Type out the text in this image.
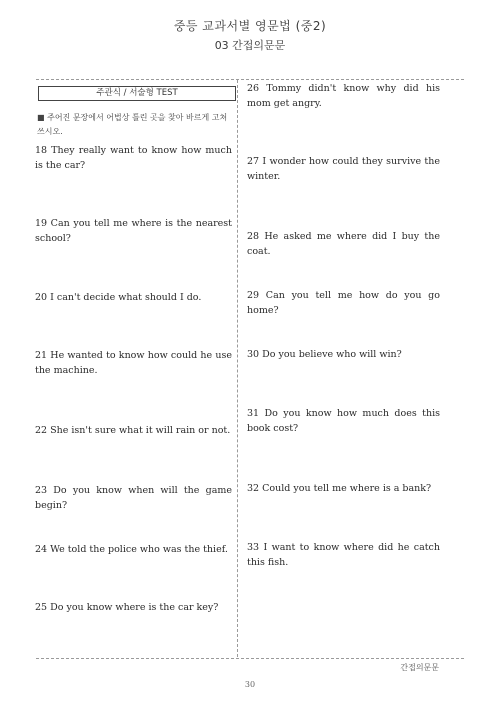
중등 교과서별 영문법 (중2)
03 간접의문문
주관식 / 서술형 TEST
■ 주어진 문장에서 어법상 틀린 곳을 찾아 바르게 고쳐 쓰시오.
18 They really want to know how much is the car?
19 Can you tell me where is the nearest school?
20 I can't decide what should I do.
21 He wanted to know how could he use the machine.
22 She isn't sure what it will rain or not.
23 Do you know when will the game begin?
24 We told the police who was the thief.
25 Do you know where is the car key?
26 Tommy didn't know why did his mom get angry.
27 I wonder how could they survive the winter.
28 He asked me where did I buy the coat.
29 Can you tell me how do you go home?
30 Do you believe who will win?
31 Do you know how much does this book cost?
32 Could you tell me where is a bank?
33 I want to know where did he catch this fish.
간접의문문
30
